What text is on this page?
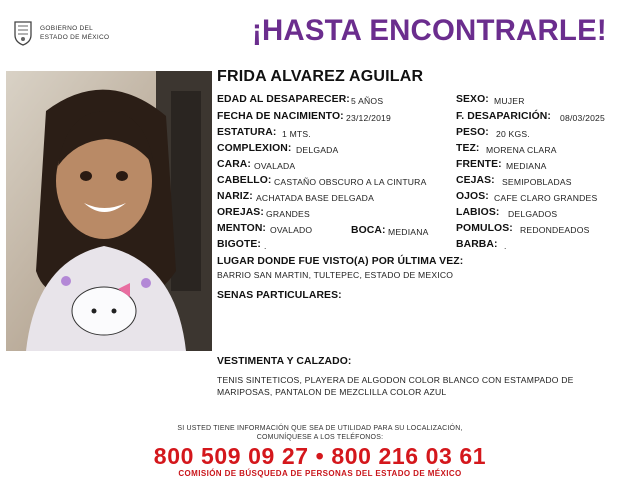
GOBIERNO DEL
ESTADO DE MÉXICO	¡HASTA ENCONTRARLE!
FRIDA ALVAREZ AGUILAR
EDAD AL DESAPARECER: 5 AÑOS
FECHA DE NACIMIENTO: 23/12/2019
ESTATURA: 1 MTS.
COMPLEXION: DELGADA
CARA: OVALADA
CABELLO: CASTAÑO OBSCURO A LA CINTURA
NARIZ: ACHATADA BASE DELGADA
OREJAS: GRANDES
MENTON: OVALADO	BOCA: MEDIANA
BIGOTE: .
SEXO: MUJER
F. DESAPARICIÓN: 08/03/2025
PESO: 20 KGS.
TEZ: MORENA CLARA
FRENTE: MEDIANA
CEJAS: SEMIPOBLADAS
OJOS: CAFE CLARO GRANDES
LABIOS: DELGADOS
POMULOS: REDONDEADOS
BARBA: .
LUGAR DONDE FUE VISTO(A) POR ÚLTIMA VEZ:
BARRIO SAN MARTIN, TULTEPEC, ESTADO DE MEXICO
SENAS PARTICULARES:
VESTIMENTA Y CALZADO:
TENIS SINTETICOS, PLAYERA DE ALGODON COLOR BLANCO CON ESTAMPADO DE
MARIPOSAS, PANTALON DE MEZCLILLA COLOR AZUL
SI USTED TIENE INFORMACIÓN QUE SEA DE UTILIDAD PARA SU LOCALIZACIÓN,
COMUNÍQUESE A LOS TELÉFONOS:
800 509 09 27 • 800 216 03 61
COMISIÓN DE BÚSQUEDA DE PERSONAS DEL ESTADO DE MÉXICO
